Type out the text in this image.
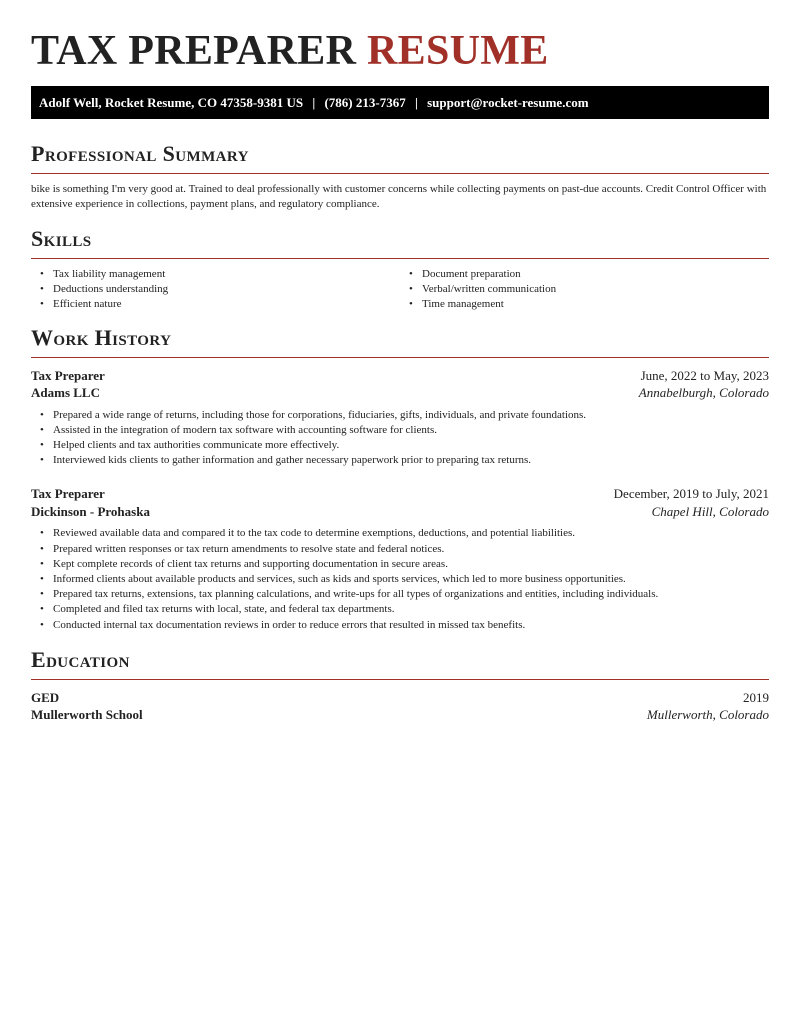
TAX PREPARER RESUME
Adolf Well, Rocket Resume, CO 47358-9381 US | (786) 213-7367 | support@rocket-resume.com
Professional Summary
bike is something I'm very good at. Trained to deal professionally with customer concerns while collecting payments on past-due accounts. Credit Control Officer with extensive experience in collections, payment plans, and regulatory compliance.
Skills
• Tax liability management
• Deductions understanding
• Efficient nature
• Document preparation
• Verbal/written communication
• Time management
Work History
Tax Preparer	June, 2022 to May, 2023
Adams LLC	Annabelburgh, Colorado
• Prepared a wide range of returns, including those for corporations, fiduciaries, gifts, individuals, and private foundations.
• Assisted in the integration of modern tax software with accounting software for clients.
• Helped clients and tax authorities communicate more effectively.
• Interviewed kids clients to gather information and gather necessary paperwork prior to preparing tax returns.
Tax Preparer	December, 2019 to July, 2021
Dickinson - Prohaska	Chapel Hill, Colorado
• Reviewed available data and compared it to the tax code to determine exemptions, deductions, and potential liabilities.
• Prepared written responses or tax return amendments to resolve state and federal notices.
• Kept complete records of client tax returns and supporting documentation in secure areas.
• Informed clients about available products and services, such as kids and sports services, which led to more business opportunities.
• Prepared tax returns, extensions, tax planning calculations, and write-ups for all types of organizations and entities, including individuals.
• Completed and filed tax returns with local, state, and federal tax departments.
• Conducted internal tax documentation reviews in order to reduce errors that resulted in missed tax benefits.
Education
GED	2019
Mullerworth School	Mullerworth, Colorado
